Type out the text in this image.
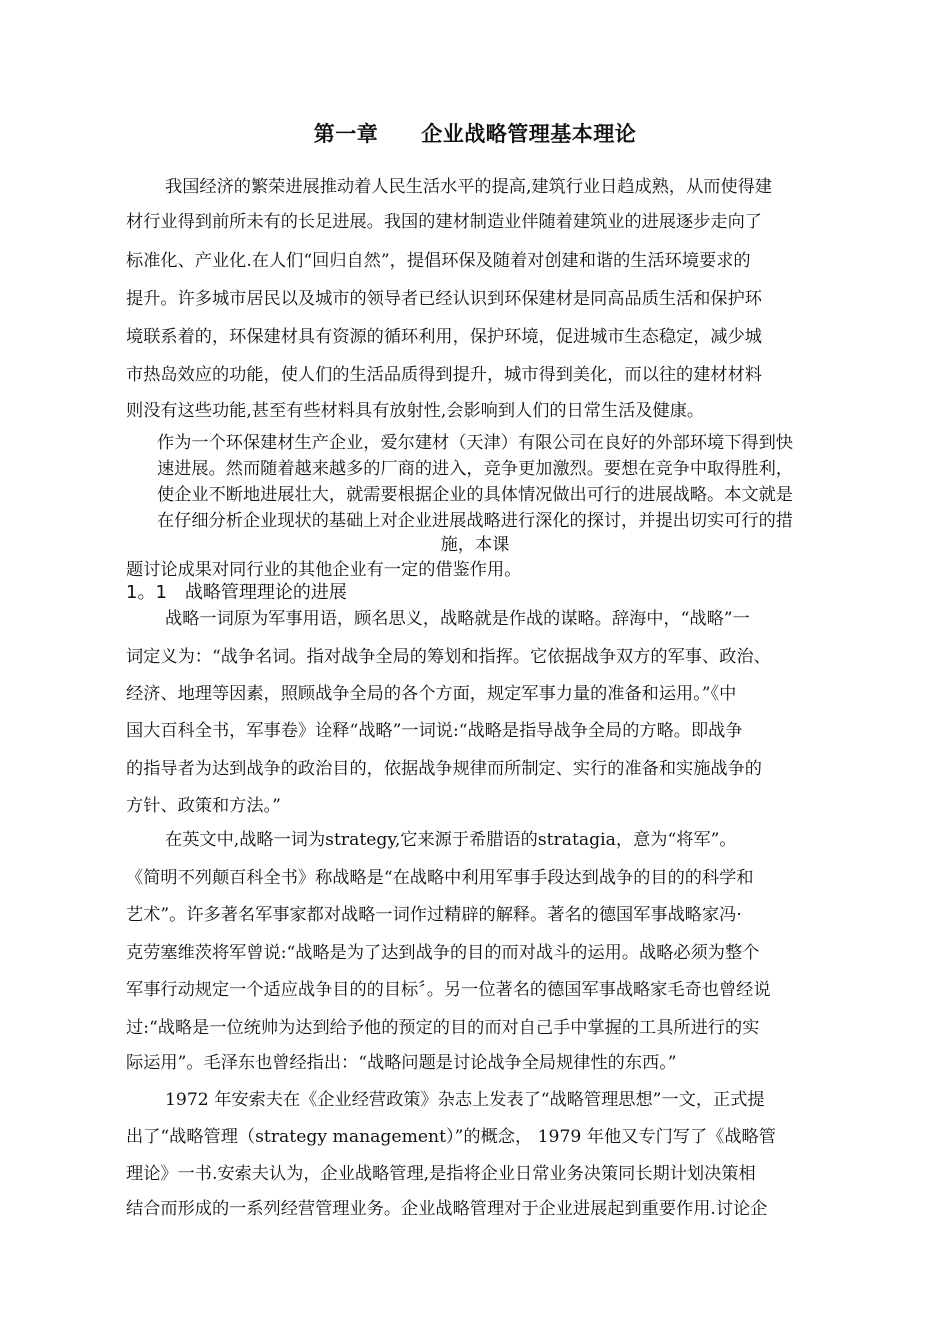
第一章　　企业战略管理基本理论
我国经济的繁荣进展推动着人民生活水平的提高,建筑行业日趋成熟，从而使得建
材行业得到前所未有的长足进展。我国的建材制造业伴随着建筑业的进展逐步走向了
标准化、产业化.在人们“回归自然”，提倡环保及随着对创建和谐的生活环境要求的
提升。许多城市居民以及城市的领导者已经认识到环保建材是同高品质生活和保护环
境联系着的，环保建材具有资源的循环利用，保护环境，促进城市生态稳定，减少城
市热岛效应的功能，使人们的生活品质得到提升，城市得到美化，而以往的建材材料
则没有这些功能,甚至有些材料具有放射性,会影响到人们的日常生活及健康。
作为一个环保建材生产企业，爱尔建材（天津）有限公司在良好的外部环境下得到快
速进展。然而随着越来越多的厂商的进入，竞争更加激烈。要想在竞争中取得胜利，
使企业不断地进展壮大，就需要根据企业的具体情况做出可行的进展战略。本文就是
在仔细分析企业现状的基础上对企业进展战略进行深化的探讨，并提出切实可行的措
施，本课
题讨论成果对同行业的其他企业有一定的借鉴作用。
1。1　战略管理理论的进展
战略一词原为军事用语，顾名思义，战略就是作战的谋略。辞海中，“战略”一
词定义为：“战争名词。指对战争全局的筹划和指挥。它依据战争双方的军事、政治、
经济、地理等因素，照顾战争全局的各个方面，规定军事力量的准备和运用。”《中
国大百科全书，军事卷》诠释“战略”一词说:“战略是指导战争全局的方略。即战争
的指导者为达到战争的政治目的，依据战争规律而所制定、实行的准备和实施战争的
方针、政策和方法。”
在英文中,战略一词为strategy,它来源于希腊语的stratagia，意为“将军”。
《简明不列颠百科全书》称战略是“在战略中利用军事手段达到战争的目的的科学和
艺术”。许多著名军事家都对战略一词作过精辟的解释。著名的德国军事战略家冯·
克劳塞维茨将军曾说:“战略是为了达到战争的目的而对战斗的运用。战略必须为整个
军事行动规定一个适应战争目的的目标〞。另一位著名的德国军事战略家毛奇也曾经说
过:“战略是一位统帅为达到给予他的预定的目的而对自己手中掌握的工具所进行的实
际运用”。毛泽东也曾经指出：“战略问题是讨论战争全局规律性的东西。”
1972 年安索夫在《企业经营政策》杂志上发表了“战略管理思想”一文，正式提
出了“战略管理（strategy management）”的概念， 1979 年他又专门写了《战略管
理论》一书.安索夫认为，企业战略管理,是指将企业日常业务决策同长期计划决策相
结合而形成的一系列经营管理业务。企业战略管理对于企业进展起到重要作用.讨论企
